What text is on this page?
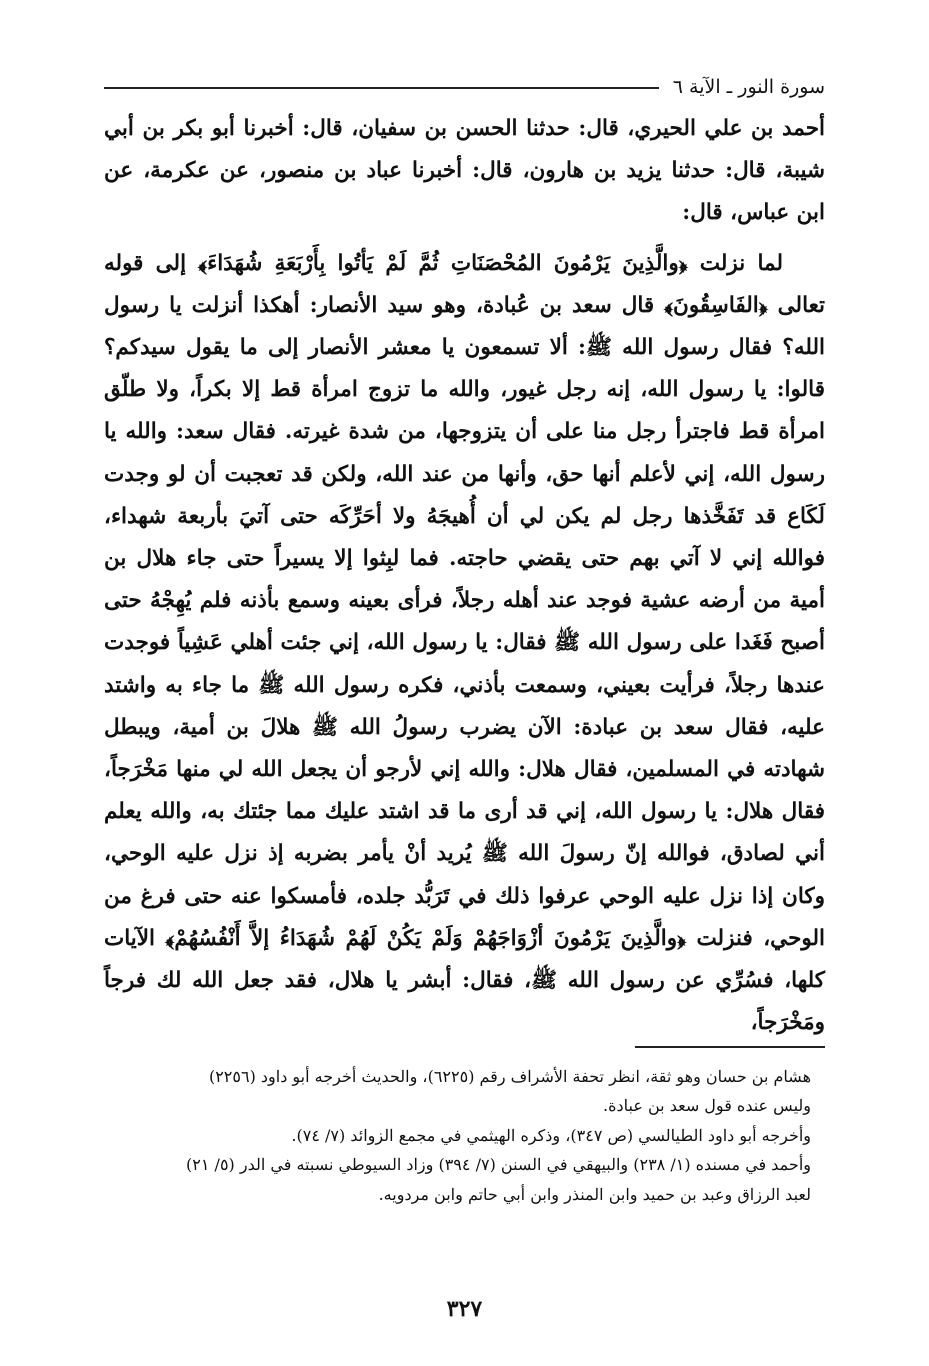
سورة النور ـ الآية ٦

أحمد بن علي الحيري، قال: حدثنا الحسن بن سفيان، قال: أخبرنا أبو بكر بن أبي شيبة، قال: حدثنا يزيد بن هارون، قال: أخبرنا عباد بن منصور، عن عكرمة، عن ابن عباس، قال:

لما نزلت ﴿والَّذِينَ يَرْمُونَ المُحْصَنَاتِ ثُمَّ لَمْ يَأتُوا بِأَرْبَعَةِ شُهَدَاءَ﴾ إلى قوله تعالى ﴿الفَاسِقُونَ﴾ قال سعد بن عُبادة، وهو سيد الأنصار: أهكذا أنزلت يا رسول الله؟ فقال رسول الله ﷺ: ألا تسمعون يا معشر الأنصار إلى ما يقول سيدكم؟ قالوا: يا رسول الله، إنه رجل غيور، والله ما تزوج امرأة قط إلا بكراً، ولا طلّق امرأة قط فاجترأ رجل منا على أن يتزوجها، من شدة غيرته. فقال سعد: والله يا رسول الله، إني لأعلم أنها حق، وأنها من عند الله، ولكن قد تعجبت أن لو وجدت لَكَاع قد تَفَخَّذها رجل لم يكن لي أن أُهيجَهُ ولا أحَرِّكَه حتى آتيَ بأربعة شهداء، فوالله إني لا آتي بهم حتى يقضي حاجته. فما لبِثوا إلا يسيراً حتى جاء هلال بن أمية من أرضه عشية فوجد عند أهله رجلاً، فرأى بعينه وسمع بأذنه فلم يُهِجْهُ حتى أصبح فَغَدا على رسول الله ﷺ فقال: يا رسول الله، إني جئت أهلي عَشِياً فوجدت عندها رجلاً، فرأيت بعيني، وسمعت بأذني، فكره رسول الله ﷺ ما جاء به واشتد عليه، فقال سعد بن عبادة: الآن يضرب رسولُ الله ﷺ هلالَ بن أمية، ويبطل شهادته في المسلمين، فقال هلال: والله إني لأرجو أن يجعل الله لي منها مَخْرَجاً، فقال هلال: يا رسول الله، إني قد أرى ما قد اشتد عليك مما جئتك به، والله يعلم أني لصادق، فوالله إنّ رسولَ الله ﷺ يُريد أنْ يأمر بضربه إذ نزل عليه الوحي، وكان إذا نزل عليه الوحي عرفوا ذلك في تَرَبُّد جلده، فأمسكوا عنه حتى فرغ من الوحي، فنزلت ﴿والَّذِينَ يَرْمُونَ أزْوَاجَهُمْ وَلَمْ يَكُنْ لَهُمْ شُهَدَاءُ إلاَّ أَنْفُسُهُمْ﴾ الآيات كلها، فسُرِّي عن رسول الله ﷺ، فقال: أبشر يا هلال، فقد جعل الله لك فرجاً ومَخْرَجاً،

هشام بن حسان وهو ثقة، انظر تحفة الأشراف رقم (٦٢٢٥)، والحديث أخرجه أبو داود (٢٢٥٦)

وليس عنده قول سعد بن عبادة.

وأخرجه أبو داود الطيالسي (ص ٣٤٧)، وذكره الهيثمي في مجمع الزوائد (٧/ ٧٤).

وأحمد في مسنده (١/ ٢٣٨) والبيهقي في السنن (٧/ ٣٩٤) وزاد السيوطي نسبته في الدر (٥/ ٢١)

لعبد الرزاق وعبد بن حميد وابن المنذر وابن أبي حاتم وابن مردويه.

٣٢٧
